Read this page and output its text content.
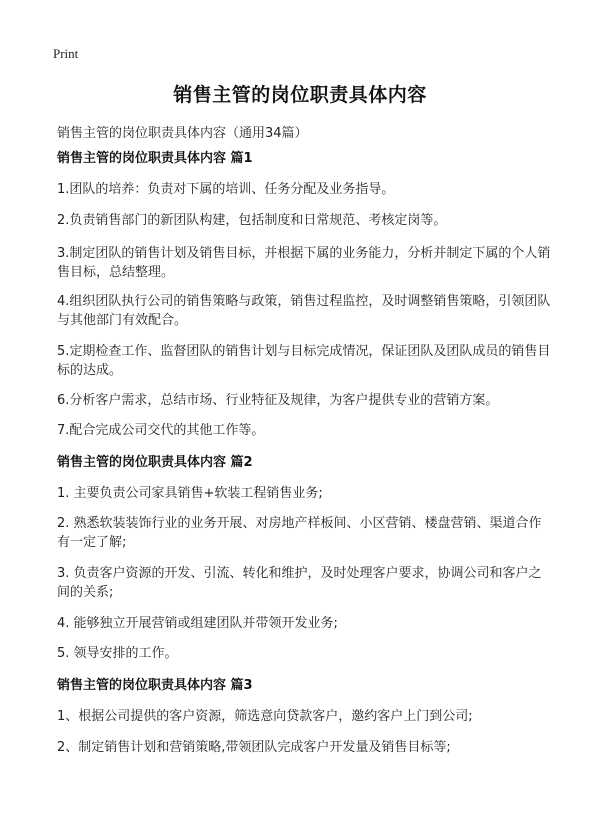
Print
销售主管的岗位职责具体内容
销售主管的岗位职责具体内容（通用34篇）
销售主管的岗位职责具体内容 篇1
1.团队的培养：负责对下属的培训、任务分配及业务指导。
2.负责销售部门的新团队构建，包括制度和日常规范、考核定岗等。
3.制定团队的销售计划及销售目标，并根据下属的业务能力，分析并制定下属的个人销售目标，总结整理。
4.组织团队执行公司的销售策略与政策，销售过程监控，及时调整销售策略，引领团队与其他部门有效配合。
5.定期检查工作、监督团队的销售计划与目标完成情况，保证团队及团队成员的销售目标的达成。
6.分析客户需求，总结市场、行业特征及规律，为客户提供专业的营销方案。
7.配合完成公司交代的其他工作等。
销售主管的岗位职责具体内容 篇2
1. 主要负责公司家具销售+软装工程销售业务;
2. 熟悉软装装饰行业的业务开展、对房地产样板间、小区营销、楼盘营销、渠道合作有一定了解;
3. 负责客户资源的开发、引流、转化和维护，及时处理客户要求，协调公司和客户之间的关系;
4. 能够独立开展营销或组建团队并带领开发业务;
5. 领导安排的工作。
销售主管的岗位职责具体内容 篇3
1、根据公司提供的客户资源，筛选意向贷款客户，邀约客户上门到公司;
2、制定销售计划和营销策略,带领团队完成客户开发量及销售目标等;
